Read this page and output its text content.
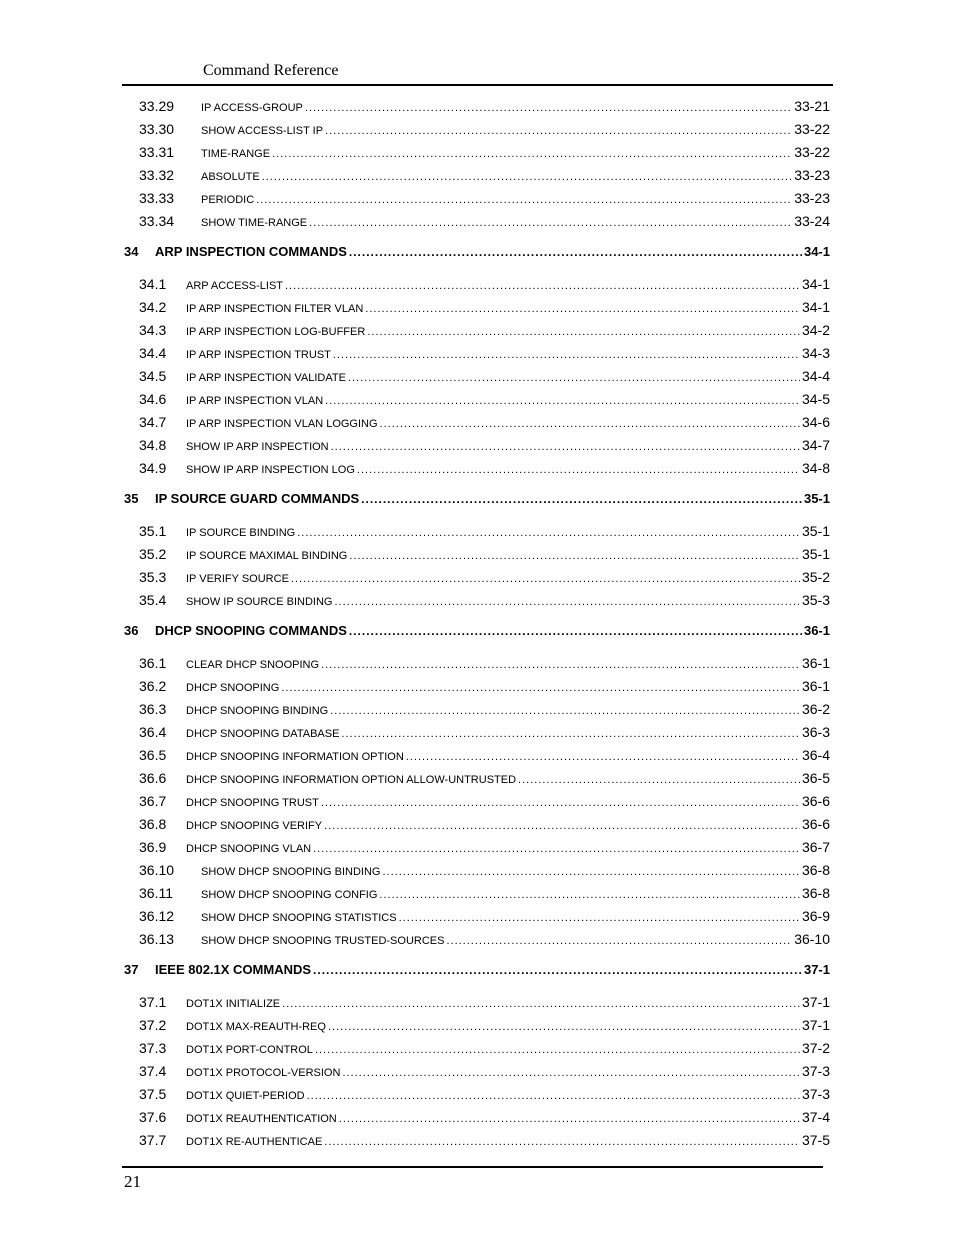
Command Reference
33.29	IP ACCESS-GROUP .....	33-21
33.30	SHOW ACCESS-LIST IP .....	33-22
33.31	TIME-RANGE .....	33-22
33.32	ABSOLUTE .....	33-23
33.33	PERIODIC .....	33-23
33.34	SHOW TIME-RANGE .....	33-24
34	ARP INSPECTION COMMANDS .....	34-1
34.1	ARP ACCESS-LIST .....	34-1
34.2	IP ARP INSPECTION FILTER VLAN .....	34-1
34.3	IP ARP INSPECTION LOG-BUFFER .....	34-2
34.4	IP ARP INSPECTION TRUST .....	34-3
34.5	IP ARP INSPECTION VALIDATE .....	34-4
34.6	IP ARP INSPECTION VLAN .....	34-5
34.7	IP ARP INSPECTION VLAN LOGGING .....	34-6
34.8	SHOW IP ARP INSPECTION .....	34-7
34.9	SHOW IP ARP INSPECTION LOG .....	34-8
35	IP SOURCE GUARD COMMANDS .....	35-1
35.1	IP SOURCE BINDING .....	35-1
35.2	IP SOURCE MAXIMAL BINDING .....	35-1
35.3	IP VERIFY SOURCE .....	35-2
35.4	SHOW IP SOURCE BINDING .....	35-3
36	DHCP SNOOPING COMMANDS .....	36-1
36.1	CLEAR DHCP SNOOPING .....	36-1
36.2	DHCP SNOOPING .....	36-1
36.3	DHCP SNOOPING BINDING .....	36-2
36.4	DHCP SNOOPING DATABASE .....	36-3
36.5	DHCP SNOOPING INFORMATION OPTION .....	36-4
36.6	DHCP SNOOPING INFORMATION OPTION ALLOW-UNTRUSTED .....	36-5
36.7	DHCP SNOOPING TRUST .....	36-6
36.8	DHCP SNOOPING VERIFY .....	36-6
36.9	DHCP SNOOPING VLAN .....	36-7
36.10	SHOW DHCP SNOOPING BINDING .....	36-8
36.11	SHOW DHCP SNOOPING CONFIG .....	36-8
36.12	SHOW DHCP SNOOPING STATISTICS .....	36-9
36.13	SHOW DHCP SNOOPING TRUSTED-SOURCES .....	36-10
37	IEEE 802.1X COMMANDS .....	37-1
37.1	DOT1X INITIALIZE .....	37-1
37.2	DOT1X MAX-REAUTH-REQ .....	37-1
37.3	DOT1X PORT-CONTROL .....	37-2
37.4	DOT1X PROTOCOL-VERSION .....	37-3
37.5	DOT1X QUIET-PERIOD .....	37-3
37.6	DOT1X REAUTHENTICATION .....	37-4
37.7	DOT1X RE-AUTHENTICAE .....	37-5
21
